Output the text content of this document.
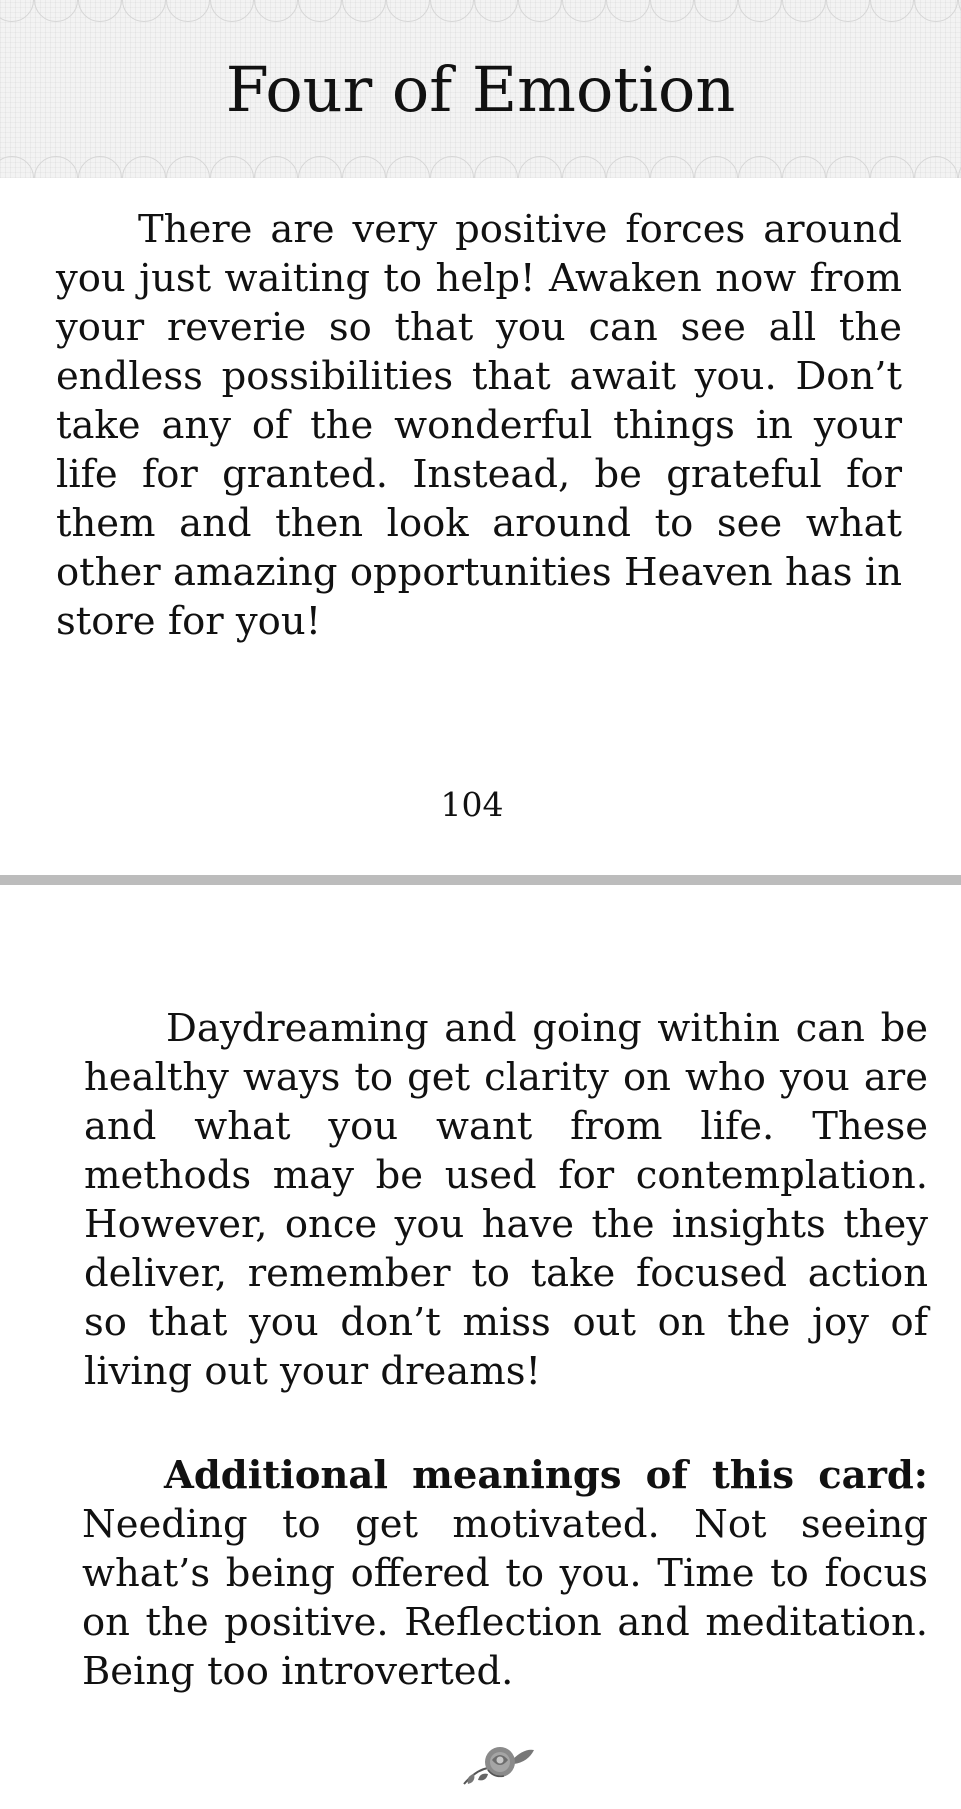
Four of Emotion

There are very positive forces around you just waiting to help! Awaken now from your reverie so that you can see all the endless possibilities that await you. Don’t take any of the wonderful things in your life for granted. Instead, be grateful for them and then look around to see what other amazing opportunities Heaven has in store for you!

104

Daydreaming and going within can be healthy ways to get clarity on who you are and what you want from life. These methods may be used for contemplation. However, once you have the insights they deliver, remember to take focused action so that you don’t miss out on the joy of living out your dreams!

Additional meanings of this card: Needing to get motivated. Not seeing what’s being offered to you. Time to focus on the positive. Reflection and meditation. Being too introverted.
